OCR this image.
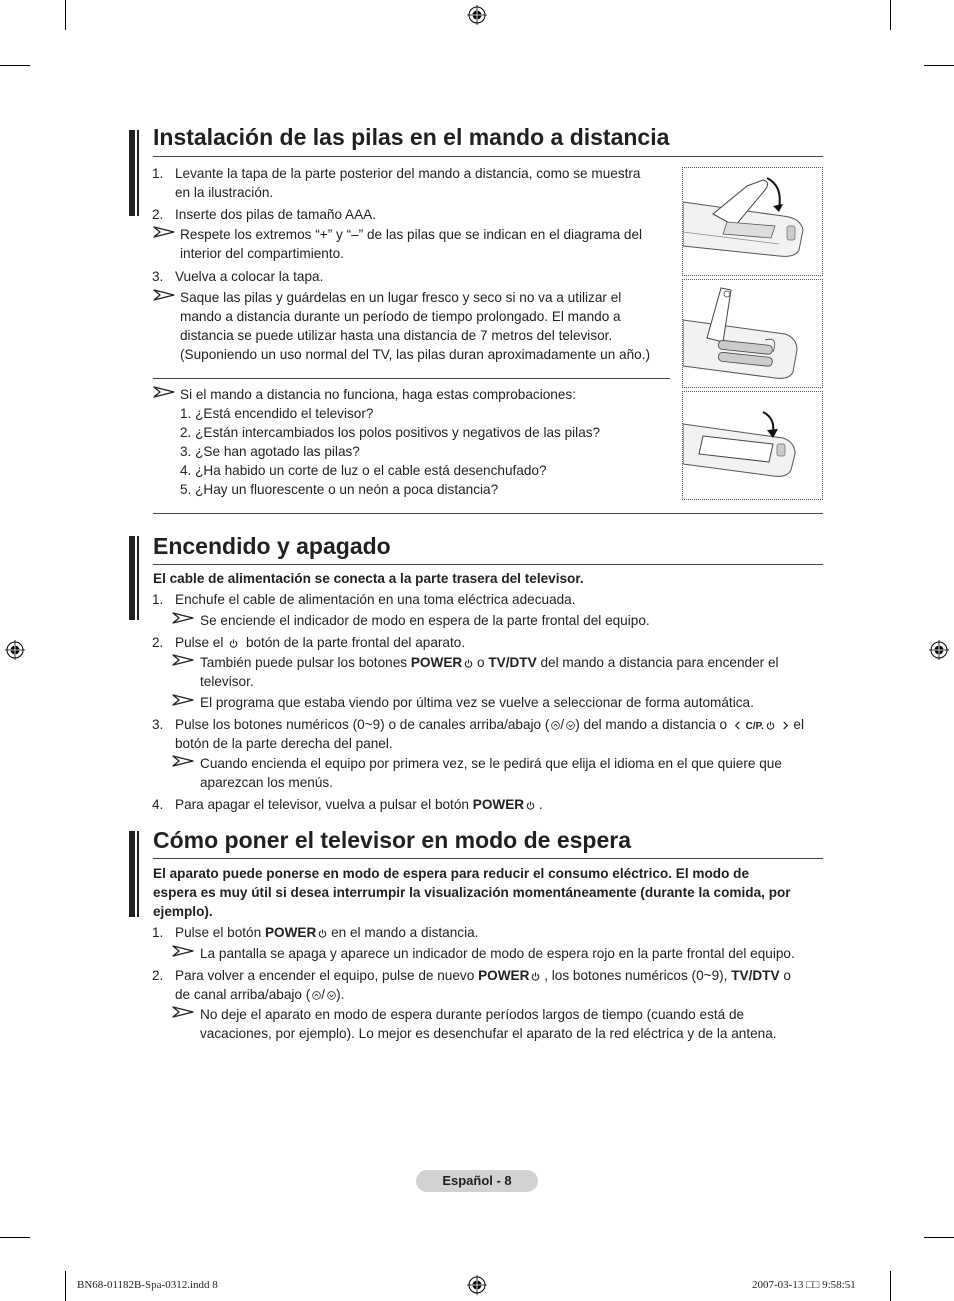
Instalación de las pilas en el mando a distancia
1. Levante la tapa de la parte posterior del mando a distancia, como se muestra
en la ilustración.
2. Inserte dos pilas de tamaño AAA.
Respete los extremos “+” y “–” de las pilas que se indican en el diagrama del
interior del compartimiento.
3. Vuelva a colocar la tapa.
Saque las pilas y guárdelas en un lugar fresco y seco si no va a utilizar el
mando a distancia durante un período de tiempo prolongado. El mando a
distancia se puede utilizar hasta una distancia de 7 metros del televisor.
(Suponiendo un uso normal del TV, las pilas duran aproximadamente un año.)
Si el mando a distancia no funciona, haga estas comprobaciones:
1. ¿Está encendido el televisor?
2. ¿Están intercambiados los polos positivos y negativos de las pilas?
3. ¿Se han agotado las pilas?
4. ¿Ha habido un corte de luz o el cable está desenchufado?
5. ¿Hay un fluorescente o un neón a poca distancia?
Encendido y apagado
El cable de alimentación se conecta a la parte trasera del televisor.
1. Enchufe el cable de alimentación en una toma eléctrica adecuada.
Se enciende el indicador de modo en espera de la parte frontal del equipo.
2. Pulse el botón de la parte frontal del aparato.
También puede pulsar los botones POWER o TV/DTV del mando a distancia para encender el
televisor.
El programa que estaba viendo por última vez se vuelve a seleccionar de forma automática.
3. Pulse los botones numéricos (0~9) o de canales arriba/abajo ( / ) del mando a distancia o C/P. el
botón de la parte derecha del panel.
Cuando encienda el equipo por primera vez, se le pedirá que elija el idioma en el que quiere que
aparezcan los menús.
4. Para apagar el televisor, vuelva a pulsar el botón POWER .
Cómo poner el televisor en modo de espera
El aparato puede ponerse en modo de espera para reducir el consumo eléctrico. El modo de
espera es muy útil si desea interrumpir la visualización momentáneamente (durante la comida, por
ejemplo).
1. Pulse el botón POWER en el mando a distancia.
La pantalla se apaga y aparece un indicador de modo de espera rojo en la parte frontal del equipo.
2. Para volver a encender el equipo, pulse de nuevo POWER , los botones numéricos (0~9), TV/DTV o
de canal arriba/abajo ( / ).
No deje el aparato en modo de espera durante períodos largos de tiempo (cuando está de
vacaciones, por ejemplo). Lo mejor es desenchufar el aparato de la red eléctrica y de la antena.
Español - 8
BN68-01182B-Spa-0312.indd 8	2007-03-13 □□ 9:58:51
